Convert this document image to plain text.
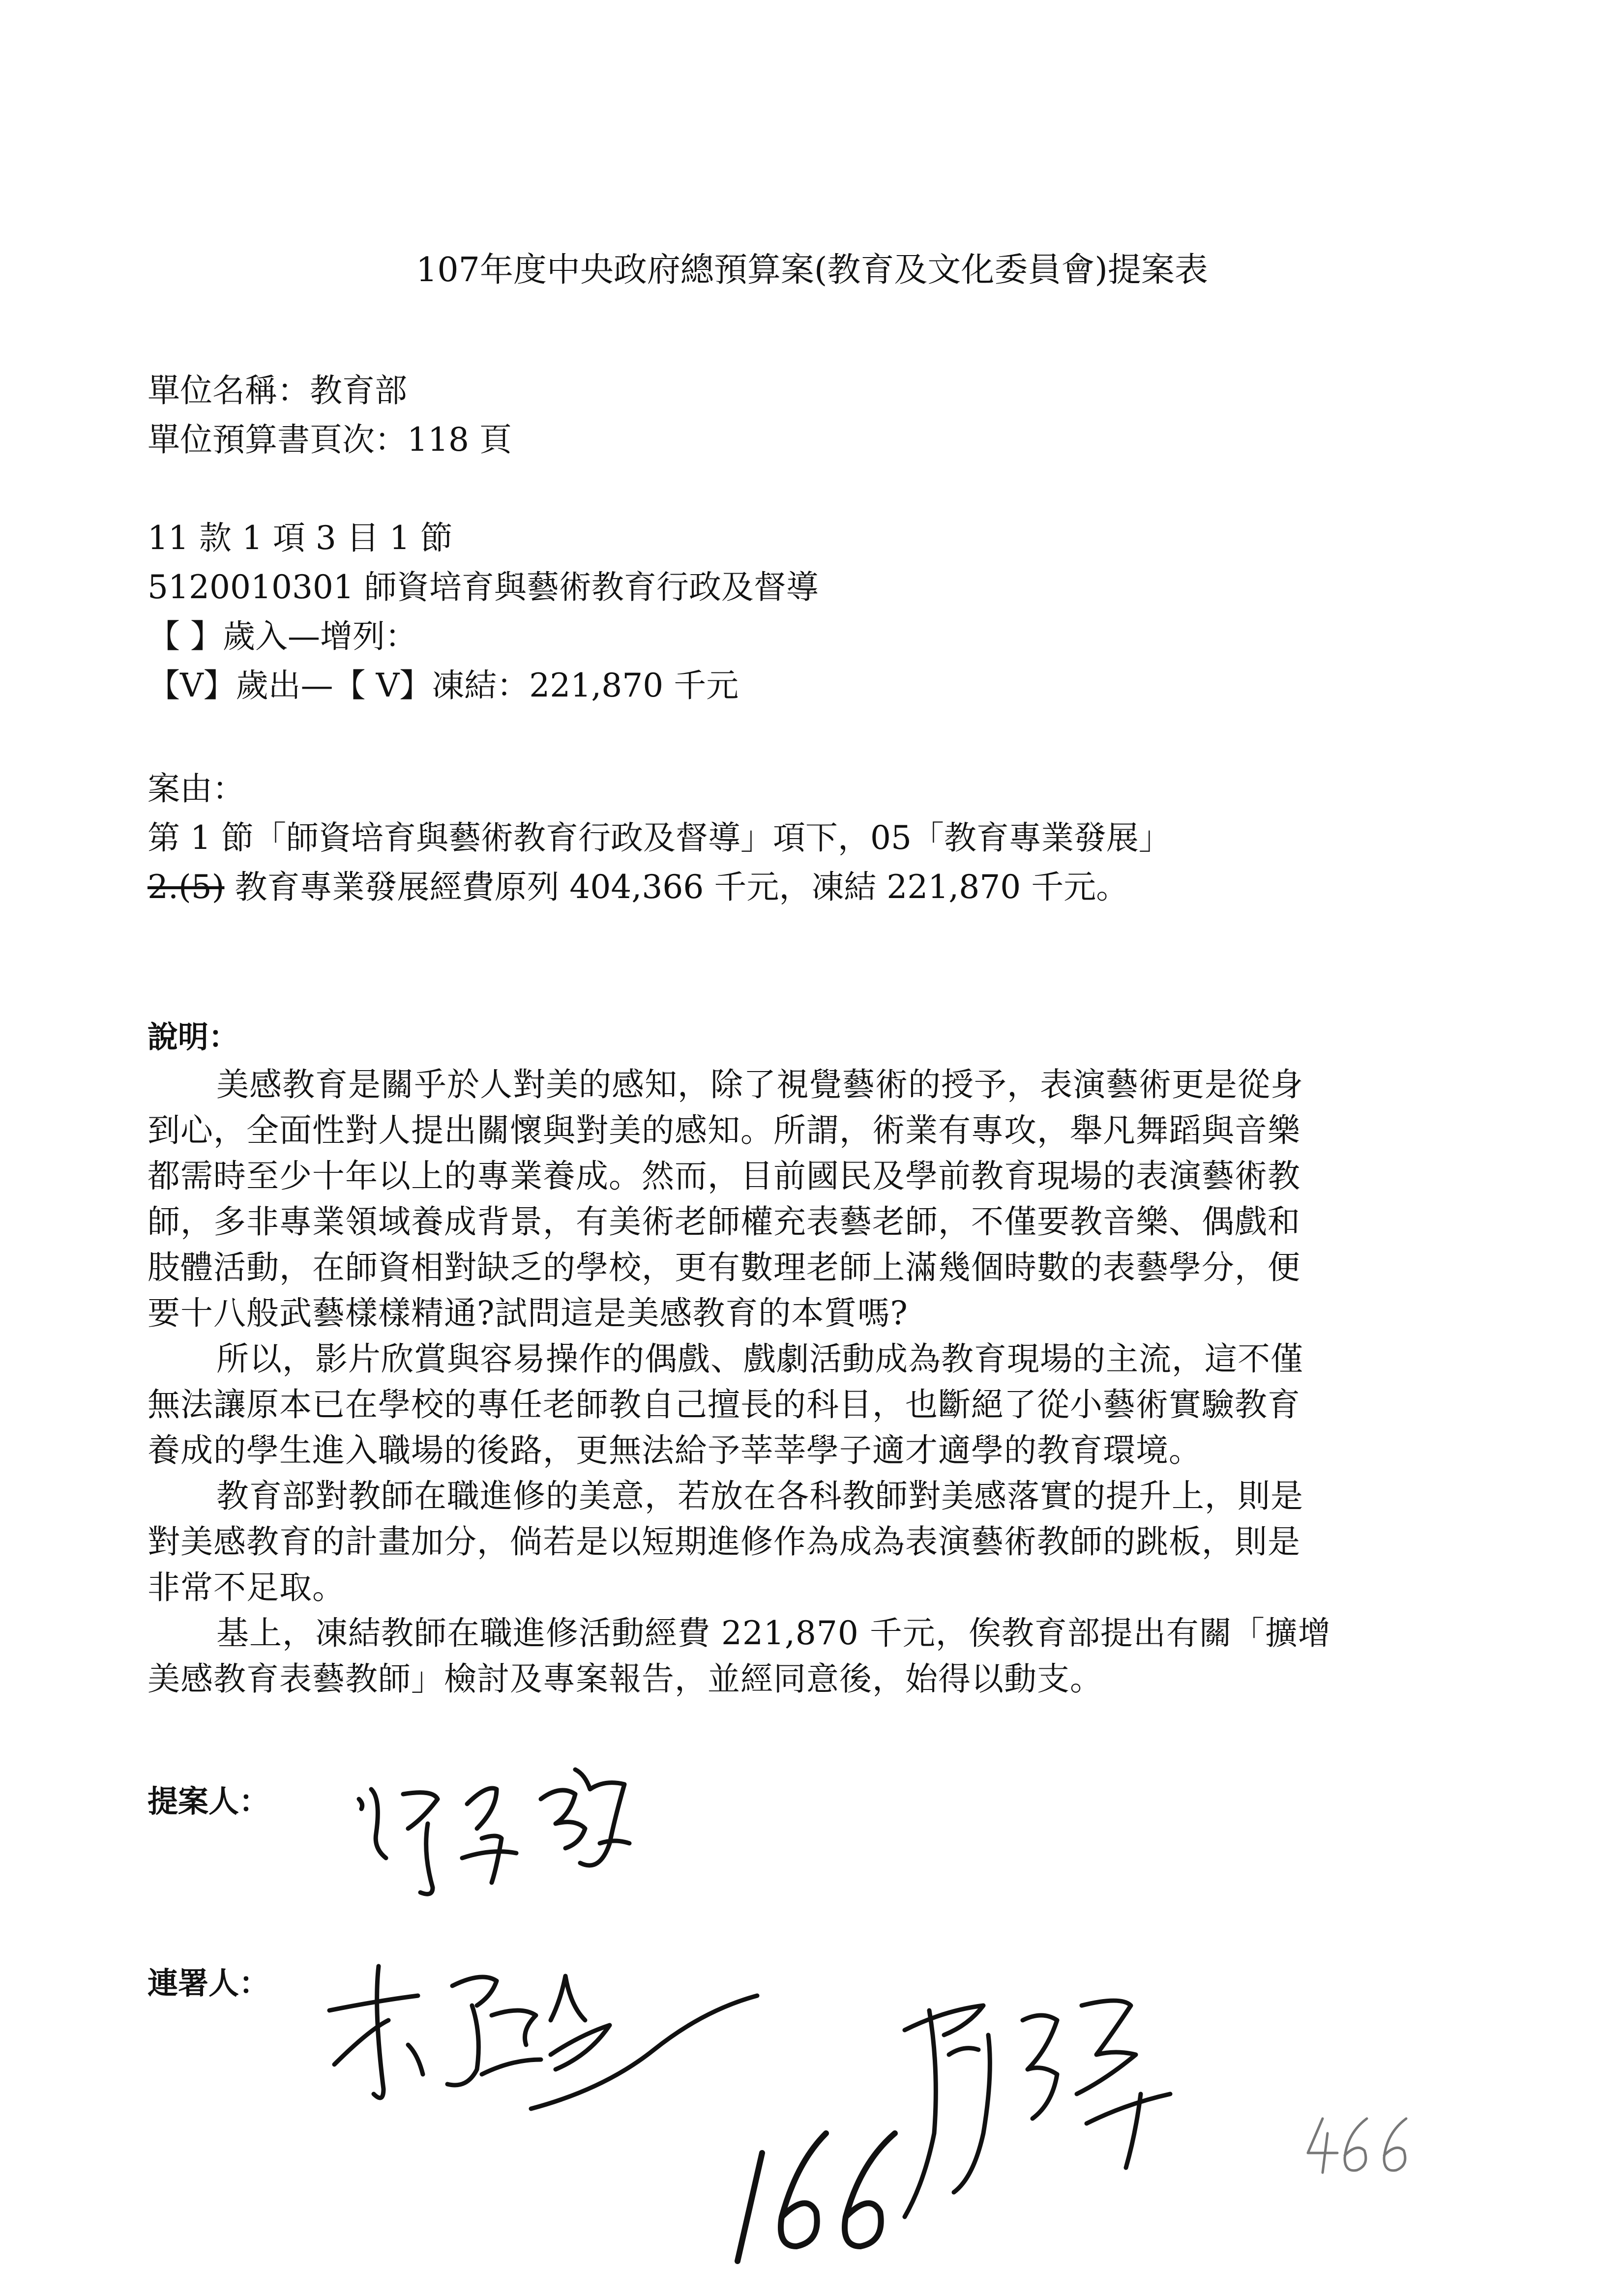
107年度中央政府總預算案(教育及文化委員會)提案表
單位名稱：教育部
單位預算書頁次：118 頁
11 款 1 項 3 目 1 節
5120010301 師資培育與藝術教育行政及督導
【 】歲入—增列：
【V】歲出—【 V】凍結：221,870 千元
案由：
第 1 節「師資培育與藝術教育行政及督導」項下，05「教育專業發展」
2.(5) 教育專業發展經費原列 404,366 千元，凍結 221,870 千元。
說明：
美感教育是關乎於人對美的感知，除了視覺藝術的授予，表演藝術更是從身
到心，全面性對人提出關懷與對美的感知。所謂，術業有專攻，舉凡舞蹈與音樂
都需時至少十年以上的專業養成。然而，目前國民及學前教育現場的表演藝術教
師，多非專業領域養成背景，有美術老師權充表藝老師，不僅要教音樂、偶戲和
肢體活動，在師資相對缺乏的學校，更有數理老師上滿幾個時數的表藝學分，便
要十八般武藝樣樣精通?試問這是美感教育的本質嗎?
所以，影片欣賞與容易操作的偶戲、戲劇活動成為教育現場的主流，這不僅
無法讓原本已在學校的專任老師教自己擅長的科目，也斷絕了從小藝術實驗教育
養成的學生進入職場的後路，更無法給予莘莘學子適才適學的教育環境。
教育部對教師在職進修的美意，若放在各科教師對美感落實的提升上，則是
對美感教育的計畫加分，倘若是以短期進修作為成為表演藝術教師的跳板，則是
非常不足取。
基上，凍結教師在職進修活動經費 221,870 千元，俟教育部提出有關「擴增
美感教育表藝教師」檢討及專案報告，並經同意後，始得以動支。
提案人：
連署人：
